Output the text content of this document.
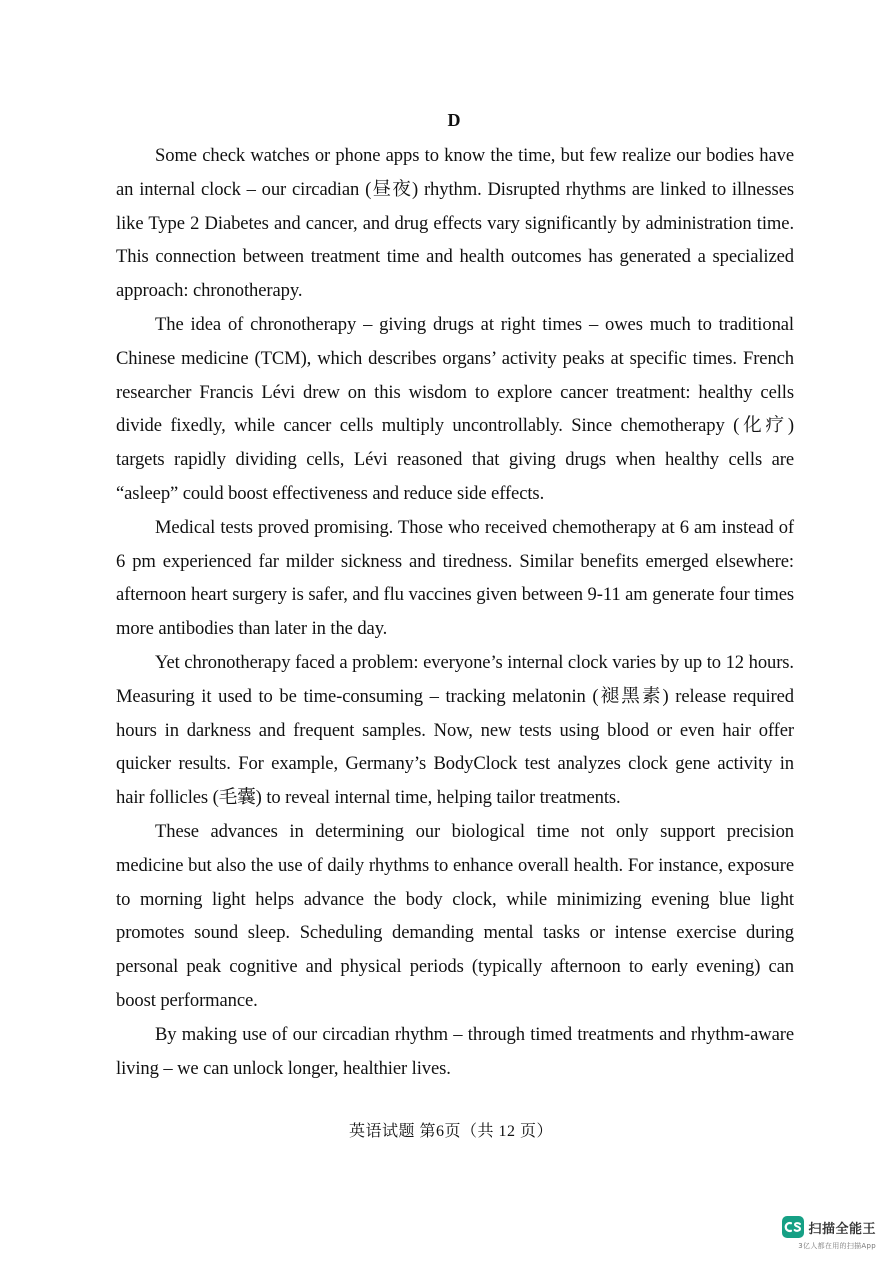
D

Some check watches or phone apps to know the time, but few realize our bodies have an internal clock – our circadian (昼夜) rhythm. Disrupted rhythms are linked to illnesses like Type 2 Diabetes and cancer, and drug effects vary significantly by administration time. This connection between treatment time and health outcomes has generated a specialized approach: chronotherapy.

The idea of chronotherapy – giving drugs at right times – owes much to traditional Chinese medicine (TCM), which describes organs’ activity peaks at specific times. French researcher Francis Lévi drew on this wisdom to explore cancer treatment: healthy cells divide fixedly, while cancer cells multiply uncontrollably. Since chemotherapy (化疗) targets rapidly dividing cells, Lévi reasoned that giving drugs when healthy cells are “asleep” could boost effectiveness and reduce side effects.

Medical tests proved promising. Those who received chemotherapy at 6 am instead of 6 pm experienced far milder sickness and tiredness. Similar benefits emerged elsewhere: afternoon heart surgery is safer, and flu vaccines given between 9-11 am generate four times more antibodies than later in the day.

Yet chronotherapy faced a problem: everyone’s internal clock varies by up to 12 hours. Measuring it used to be time-consuming – tracking melatonin (褪黑素) release required hours in darkness and frequent samples. Now, new tests using blood or even hair offer quicker results. For example, Germany’s BodyClock test analyzes clock gene activity in hair follicles (毛囊) to reveal internal time, helping tailor treatments.

These advances in determining our biological time not only support precision medicine but also the use of daily rhythms to enhance overall health. For instance, exposure to morning light helps advance the body clock, while minimizing evening blue light promotes sound sleep. Scheduling demanding mental tasks or intense exercise during personal peak cognitive and physical periods (typically afternoon to early evening) can boost performance.

By making use of our circadian rhythm – through timed treatments and rhythm-aware living – we can unlock longer, healthier lives.

英语试题 第6页（共 12 页）
扫描全能王
3亿人都在用的扫描App
